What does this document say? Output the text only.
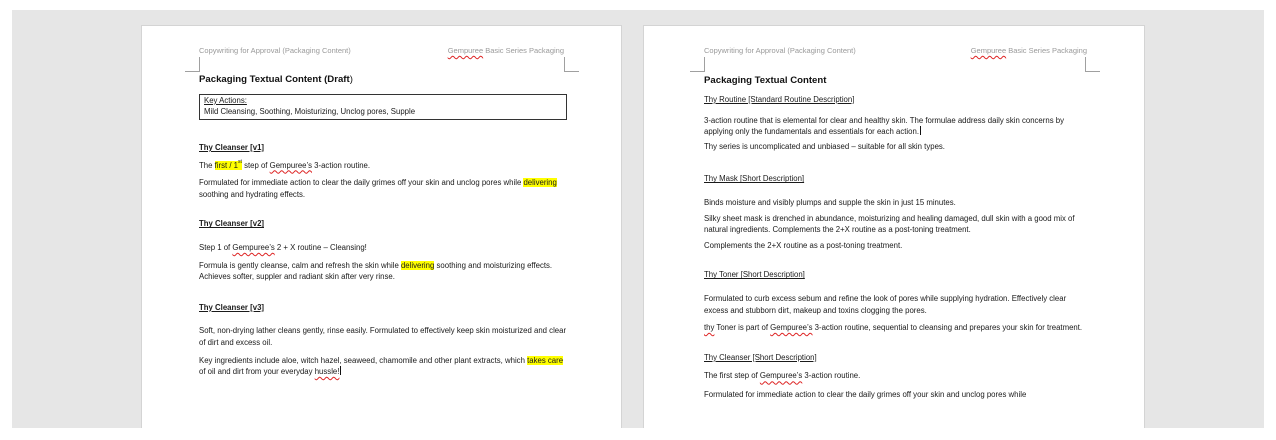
Copywriting for Approval (Packaging Content)	Gempuree Basic Series Packaging

Packaging Textual Content (Draft)

Key Actions:
Mild Cleansing, Soothing, Moisturizing, Unclog pores, Supple

Thy Cleanser [v1]

The first / 1st step of Gempuree’s 3-action routine.

Formulated for immediate action to clear the daily grimes off your skin and unclog pores while delivering soothing and hydrating effects.

Thy Cleanser [v2]

Step 1 of Gempuree’s 2 + X routine – Cleansing!

Formula is gently cleanse, calm and refresh the skin while delivering soothing and moisturizing effects. Achieves softer, suppler and radiant skin after very rinse.

Thy Cleanser [v3]

Soft, non-drying lather cleans gently, rinse easily. Formulated to effectively keep skin moisturized and clear of dirt and excess oil.

Key ingredients include aloe, witch hazel, seaweed, chamomile and other plant extracts, which takes care of oil and dirt from your everyday hussle!

Copywriting for Approval (Packaging Content)	Gempuree Basic Series Packaging

Packaging Textual Content

Thy Routine [Standard Routine Description]

3-action routine that is elemental for clear and healthy skin. The formulae address daily skin concerns by applying only the fundamentals and essentials for each action.

Thy series is uncomplicated and unbiased – suitable for all skin types.

Thy Mask [Short Description]

Binds moisture and visibly plumps and supple the skin in just 15 minutes.

Silky sheet mask is drenched in abundance, moisturizing and healing damaged, dull skin with a good mix of natural ingredients. Complements the 2+X routine as a post-toning treatment.

Complements the 2+X routine as a post-toning treatment.

Thy Toner [Short Description]

Formulated to curb excess sebum and refine the look of pores while supplying hydration. Effectively clear excess and stubborn dirt, makeup and toxins clogging the pores.

thy Toner is part of Gempuree’s 3-action routine, sequential to cleansing and prepares your skin for treatment.

Thy Cleanser [Short Description]

The first step of Gempuree’s 3-action routine.

Formulated for immediate action to clear the daily grimes off your skin and unclog pores while
